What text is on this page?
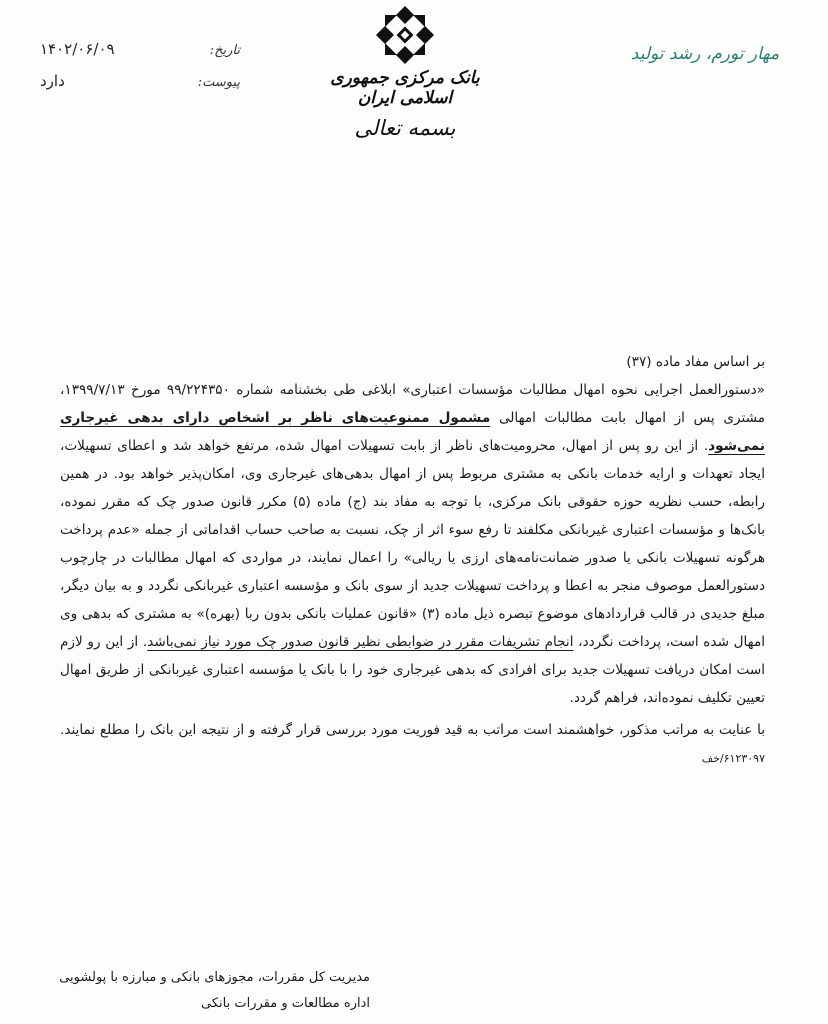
تاریخ:
۱۴۰۲/۰۶/۰۹
پیوست:
دارد	بانک مرکزی جمهوری اسلامی ایران
بسمه تعالی
مهار تورم، رشد تولید

بر اساس مفاد ماده (۳۷)

«دستورالعمل اجرایی نحوه امهال مطالبات مؤسسات اعتباری» ابلاغی طی بخشنامه شماره ۹۹/۲۲۴۳۵۰ مورخ ۱۳۹۹/۷/۱۳، مشتری پس از امهال بابت مطالبات امهالی مشمول ممنوعیت‌های ناظر بر اشخاص دارای بدهی غیرجاری نمی‌شود. از این رو پس از امهال، محرومیت‌های ناظر از بابت تسهیلات امهال شده، مرتفع خواهد شد و اعطای تسهیلات، ایجاد تعهدات و ارایه خدمات بانکی به مشتری مربوط پس از امهال بدهی‌های غیرجاری وی، امکان‌پذیر خواهد بود. در همین رابطه، حسب نظریه حوزه حقوقی بانک مرکزی، با توجه به مفاد بند (ج) ماده (۵) مکرر قانون صدور چک که مقرر نموده، بانک‌ها و مؤسسات اعتباری غیربانکی مکلفند تا رفع سوء اثر از چک، نسبت به صاحب حساب اقداماتی از جمله «عدم پرداخت هرگونه تسهیلات بانکی یا صدور ضمانت‌نامه‌های ارزی یا ریالی» را اعمال نمایند، در مواردی که امهال مطالبات در چارچوب دستورالعمل موصوف منجر به اعطا و پرداخت تسهیلات جدید از سوی بانک و مؤسسه اعتباری غیربانکی نگردد و به بیان دیگر، مبلغ جدیدی در قالب قراردادهای موضوع تبصره ذیل ماده (۳) «قانون عملیات بانکی بدون ربا (بهره)» به مشتری که بدهی وی امهال شده است، پرداخت نگردد، انجام تشریفات مقرر در ضوابطی نظیر قانون صدور چک مورد نیاز نمی‌باشد. از این رو لازم است امکان دریافت تسهیلات جدید برای افرادی که بدهی غیرجاری خود را با بانک یا مؤسسه اعتباری غیربانکی از طریق امهال تعیین تکلیف نموده‌اند، فراهم گردد.

با عنایت به مراتب مذکور، خواهشمند است مراتب به قید فوریت مورد بررسی قرار گرفته و از نتیجه این بانک را مطلع نمایند. ۶۱۲۳۰۹۷/خف

مدیریت کل مقررات، مجوزهای بانکی و مبارزه با پولشویی
اداره مطالعات و مقررات بانکی
